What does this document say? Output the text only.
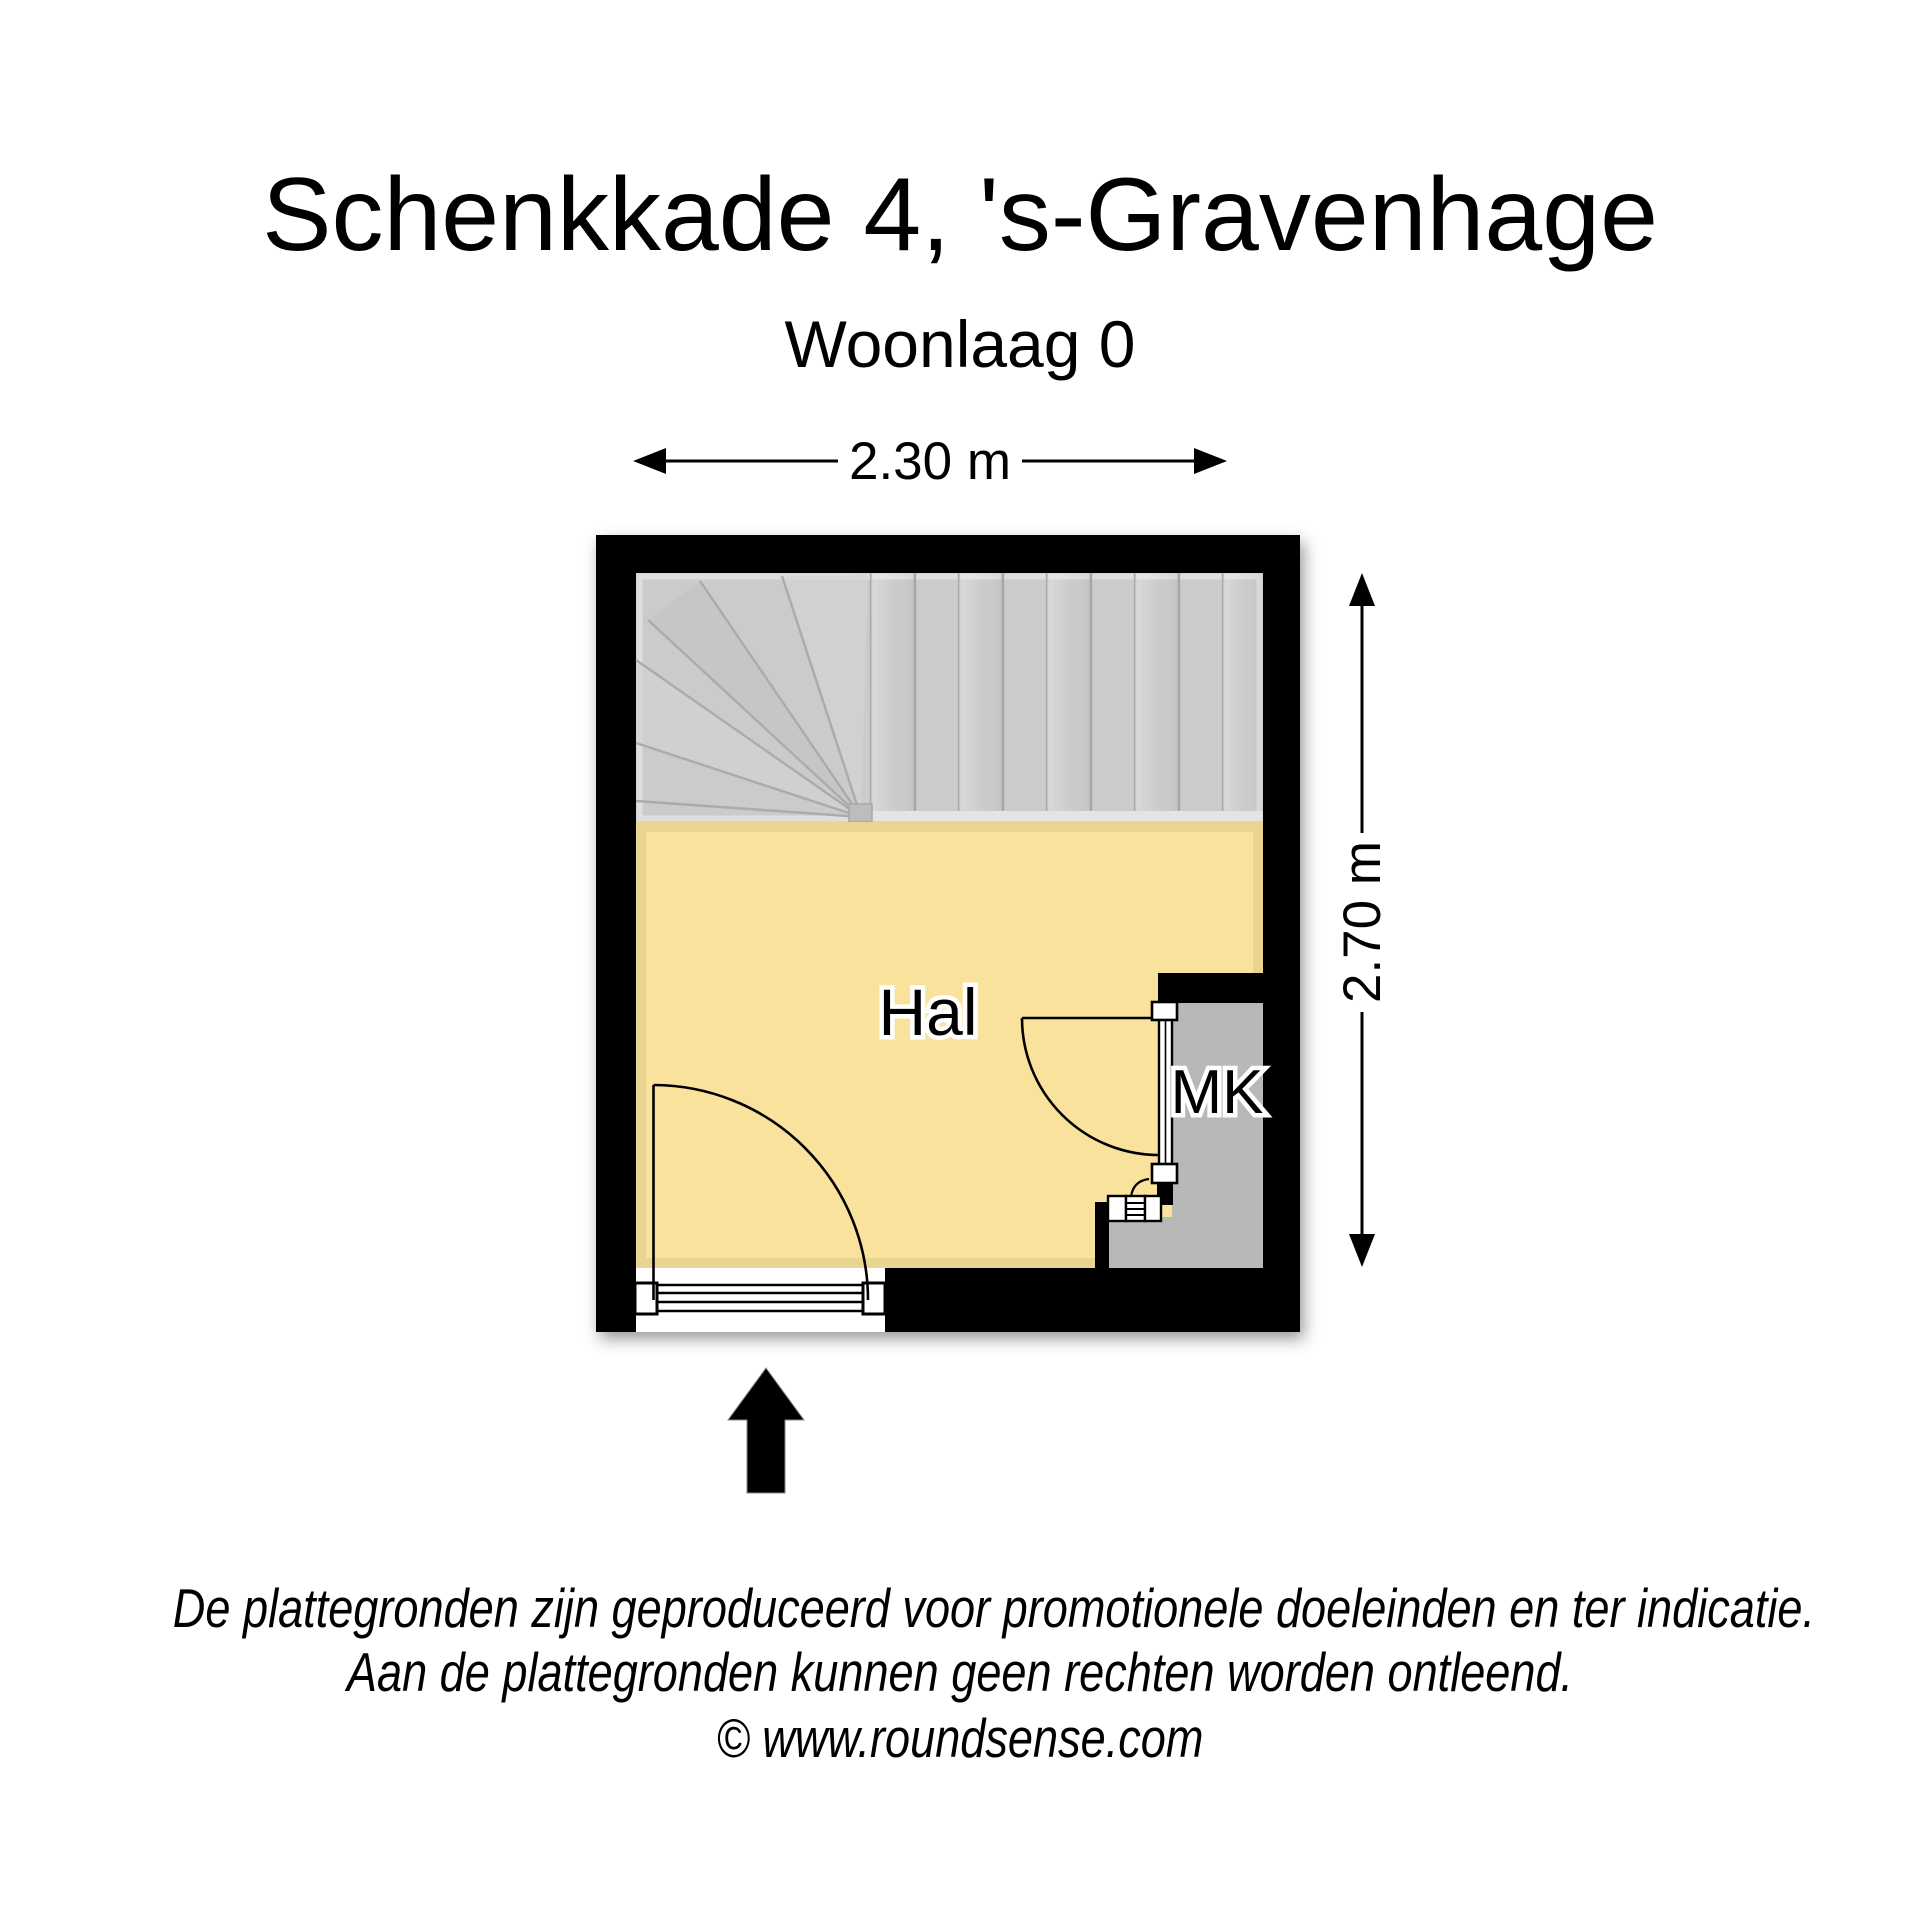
Schenkkade 4, 's-Gravenhage
Woonlaag 0
2.30 m
2.70 m
Hal
MK
De plattegronden zijn geproduceerd voor promotionele doeleinden en ter indicatie.
Aan de plattegronden kunnen geen rechten worden ontleend.
© www.roundsense.com
